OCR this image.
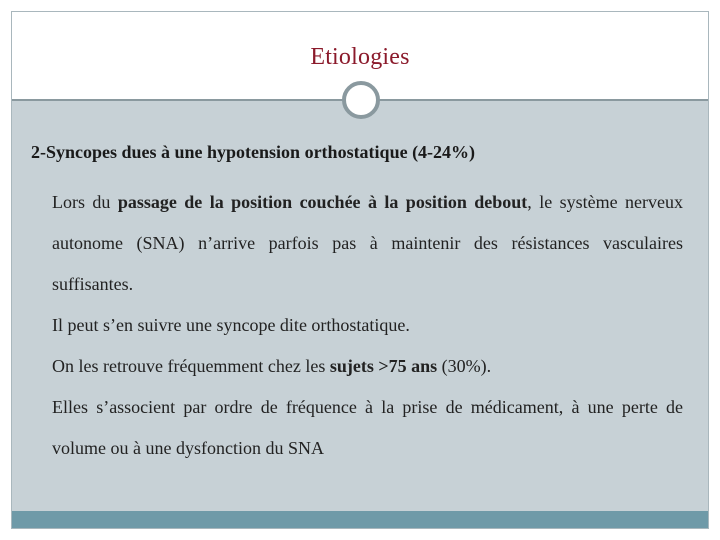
Etiologies
2-Syncopes dues à une hypotension orthostatique (4-24%)
Lors du passage de la position couchée à la position debout, le système nerveux autonome (SNA) n’arrive parfois pas à maintenir des résistances vasculaires suffisantes.
Il peut s’en suivre une syncope dite orthostatique.
On les retrouve fréquemment chez les sujets >75 ans (30%).
Elles s’associent par ordre de fréquence à la prise de médicament, à une perte de volume ou à une dysfonction du SNA
